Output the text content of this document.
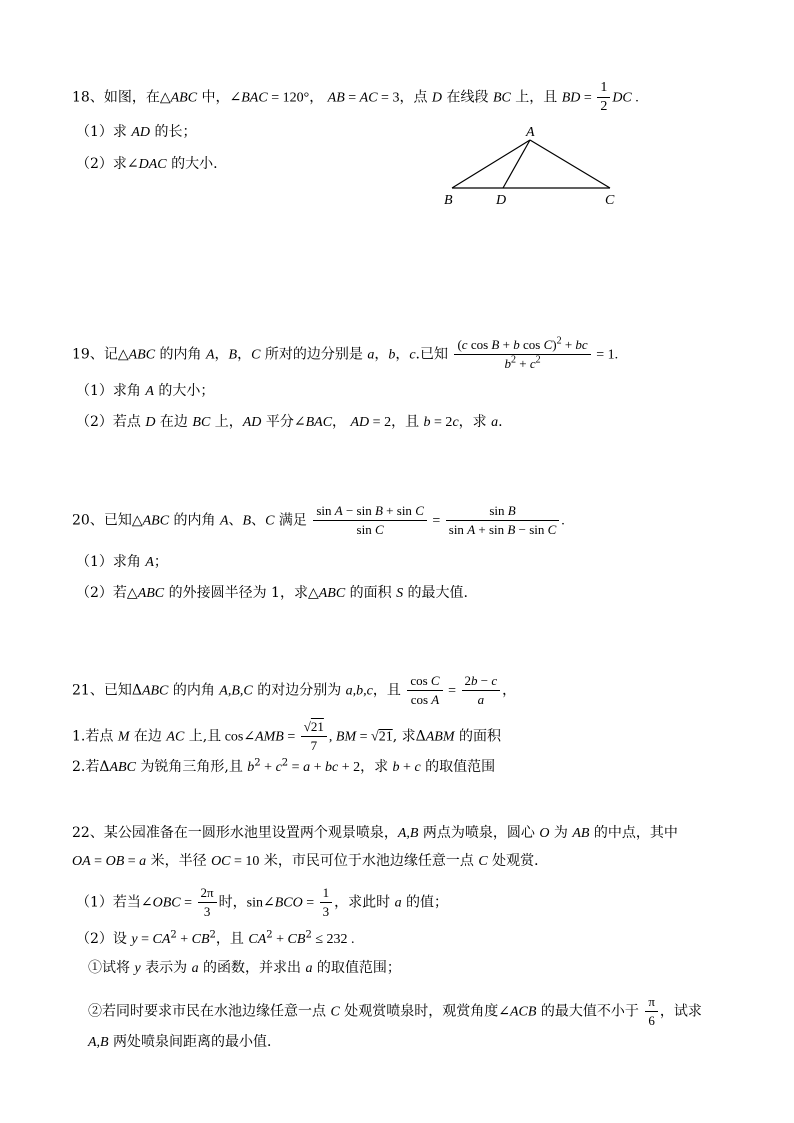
18、如图，在△ABC 中，∠BAC = 120°， AB = AC = 3，点 D 在线段 BC 上，且 BD = $\frac{1}{2}$ DC .
（1）求 AD 的长；
（2）求∠DAC 的大小.
A
B	D	C
19、记△ABC 的内角 A，B，C 所对的边分别是 a，b，c.已知 $\frac{(c \cos B + b \cos C)^2 + bc}{b^2 + c^2} = 1$.
（1）求角 A 的大小；
（2）若点 D 在边 BC 上，AD 平分∠BAC， AD = 2，且 b = 2c，求 a.
20、已知△ABC 的内角 A、B、C 满足 $\frac{\text{sin A − sin B + sin C}}{\text{sin C}} = \frac{\text{sin B}}{\text{sin A + sin B − sin C}}$ .
（1）求角 A；
（2）若△ABC 的外接圆半径为 1，求△ABC 的面积 S 的最大值.
21、已知ΔABC 的内角 A,B,C 的对边分别为 a,b,c，且 $\frac{\text{cos C}}{\text{cos A}} = \frac{2b - c}{a}$ ，
1.若点 M 在边 AC 上,且 cos∠AMB = $\frac{√21}{7}$ , BM = √21, 求ΔABM 的面积
2.若ΔABC 为锐角三角形,且 $b^2 + c^2 = a$ + bc + 2，求 b + c 的取值范围
22、某公园准备在一圆形水池里设置两个观景喷泉，A,B 两点为喷泉，圆心 O 为 AB 的中点，其中
OA = OB = a 米，半径 OC = 10 米，市民可位于水池边缘任意一点 C 处观赏．
（1）若当∠OBC = $\frac{2\pi}{3}$ 时，sin∠BCO = $\frac{1}{3}$ ，求此时 a 的值；
（2）设 $y = CA^2 + CB^2$，且 $CA^2 + CB^2 \le 232$ .
①试将 y 表示为 a 的函数，并求出 a 的取值范围；
②若同时要求市民在水池边缘任意一点 C 处观赏喷泉时，观赏角度∠ACB 的最大值不小于 $\frac{\pi}{6}$ ，试求
A,B 两处喷泉间距离的最小值．
